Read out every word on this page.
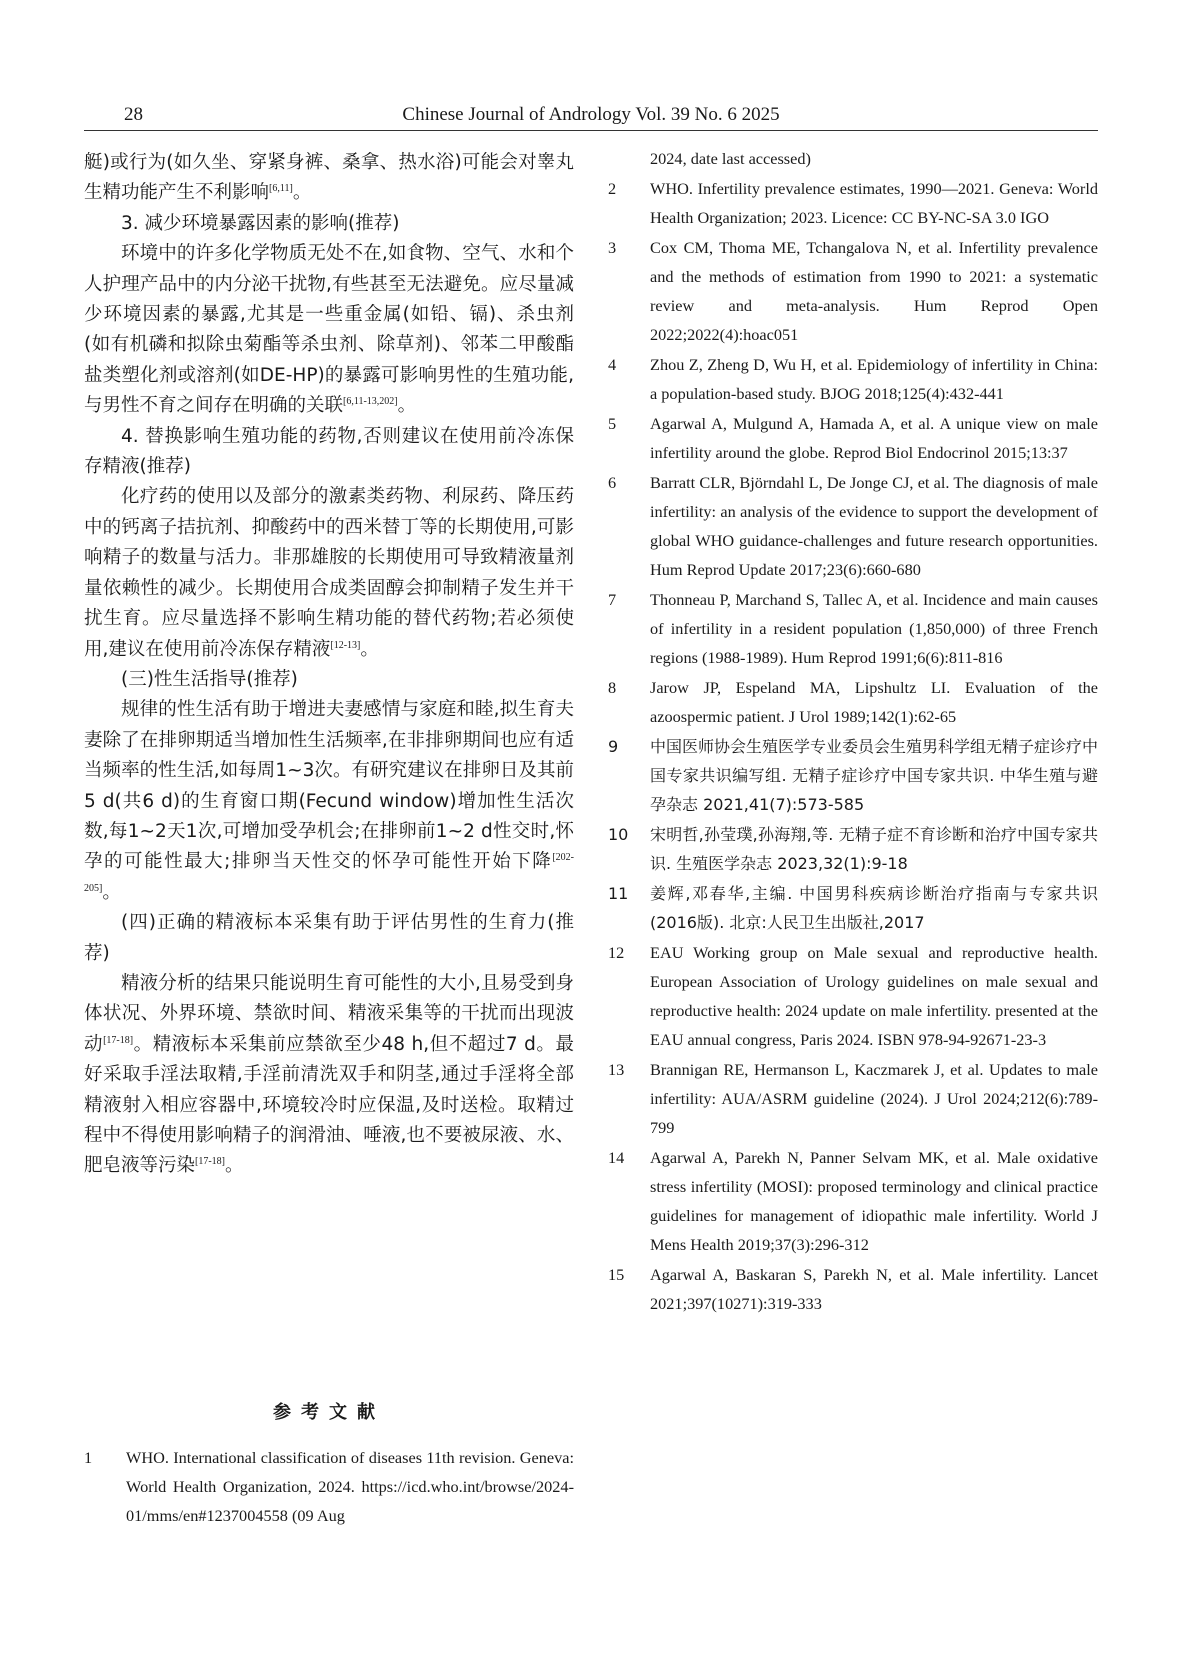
28	Chinese Journal of Andrology Vol. 39 No. 6 2025

艇)或行为(如久坐、穿紧身裤、桑拿、热水浴)可能会对睾丸生精功能产生不利影响[6,11]。

3. 减少环境暴露因素的影响(推荐)

环境中的许多化学物质无处不在,如食物、空气、水和个人护理产品中的内分泌干扰物,有些甚至无法避免。应尽量减少环境因素的暴露,尤其是一些重金属(如铅、镉)、杀虫剂(如有机磷和拟除虫菊酯等杀虫剂、除草剂)、邻苯二甲酸酯盐类塑化剂或溶剂(如DE-HP)的暴露可影响男性的生殖功能,与男性不育之间存在明确的关联[6,11-13,202]。

4. 替换影响生殖功能的药物,否则建议在使用前冷冻保存精液(推荐)

化疗药的使用以及部分的激素类药物、利尿药、降压药中的钙离子拮抗剂、抑酸药中的西米替丁等的长期使用,可影响精子的数量与活力。非那雄胺的长期使用可导致精液量剂量依赖性的减少。长期使用合成类固醇会抑制精子发生并干扰生育。应尽量选择不影响生精功能的替代药物;若必须使用,建议在使用前冷冻保存精液[12-13]。

(三)性生活指导(推荐)

规律的性生活有助于增进夫妻感情与家庭和睦,拟生育夫妻除了在排卵期适当增加性生活频率,在非排卵期间也应有适当频率的性生活,如每周1~3次。有研究建议在排卵日及其前5 d(共6 d)的生育窗口期(Fecund window)增加性生活次数,每1~2天1次,可增加受孕机会;在排卵前1~2 d性交时,怀孕的可能性最大;排卵当天性交的怀孕可能性开始下降[202-205]。

(四)正确的精液标本采集有助于评估男性的生育力(推荐)

精液分析的结果只能说明生育可能性的大小,且易受到身体状况、外界环境、禁欲时间、精液采集等的干扰而出现波动[17-18]。精液标本采集前应禁欲至少48 h,但不超过7 d。最好采取手淫法取精,手淫前清洗双手和阴茎,通过手淫将全部精液射入相应容器中,环境较冷时应保温,及时送检。取精过程中不得使用影响精子的润滑油、唾液,也不要被尿液、水、肥皂液等污染[17-18]。

参考文献
1 WHO. International classification of diseases 11th revision. Geneva: World Health Organization, 2024. https://icd.who.int/browse/2024-01/mms/en#1237004558 (09 Aug
2024, date last accessed)
2 WHO. Infertility prevalence estimates, 1990—2021. Geneva: World Health Organization; 2023. Licence: CC BY-NC-SA 3.0 IGO
3 Cox CM, Thoma ME, Tchangalova N, et al. Infertility prevalence and the methods of estimation from 1990 to 2021: a systematic review and meta-analysis. Hum Reprod Open 2022;2022(4):hoac051
4 Zhou Z, Zheng D, Wu H, et al. Epidemiology of infertility in China: a population-based study. BJOG 2018;125(4):432-441
5 Agarwal A, Mulgund A, Hamada A, et al. A unique view on male infertility around the globe. Reprod Biol Endocrinol 2015;13:37
6 Barratt CLR, Björndahl L, De Jonge CJ, et al. The diagnosis of male infertility: an analysis of the evidence to support the development of global WHO guidance-challenges and future research opportunities. Hum Reprod Update 2017;23(6):660-680
7 Thonneau P, Marchand S, Tallec A, et al. Incidence and main causes of infertility in a resident population (1,850,000) of three French regions (1988-1989). Hum Reprod 1991;6(6):811-816
8 Jarow JP, Espeland MA, Lipshultz LI. Evaluation of the azoospermic patient. J Urol 1989;142(1):62-65
9 中国医师协会生殖医学专业委员会生殖男科学组无精子症诊疗中国专家共识编写组. 无精子症诊疗中国专家共识. 中华生殖与避孕杂志 2021,41(7):573-585
10 宋明哲,孙莹璞,孙海翔,等. 无精子症不育诊断和治疗中国专家共识. 生殖医学杂志 2023,32(1):9-18
11 姜辉,邓春华,主编. 中国男科疾病诊断治疗指南与专家共识(2016版). 北京:人民卫生出版社,2017
12 EAU Working group on Male sexual and reproductive health. European Association of Urology guidelines on male sexual and reproductive health: 2024 update on male infertility. presented at the EAU annual congress, Paris 2024. ISBN 978-94-92671-23-3
13 Brannigan RE, Hermanson L, Kaczmarek J, et al. Updates to male infertility: AUA/ASRM guideline (2024). J Urol 2024;212(6):789-799
14 Agarwal A, Parekh N, Panner Selvam MK, et al. Male oxidative stress infertility (MOSI): proposed terminology and clinical practice guidelines for management of idiopathic male infertility. World J Mens Health 2019;37(3):296-312
15 Agarwal A, Baskaran S, Parekh N, et al. Male infertility. Lancet 2021;397(10271):319-333
